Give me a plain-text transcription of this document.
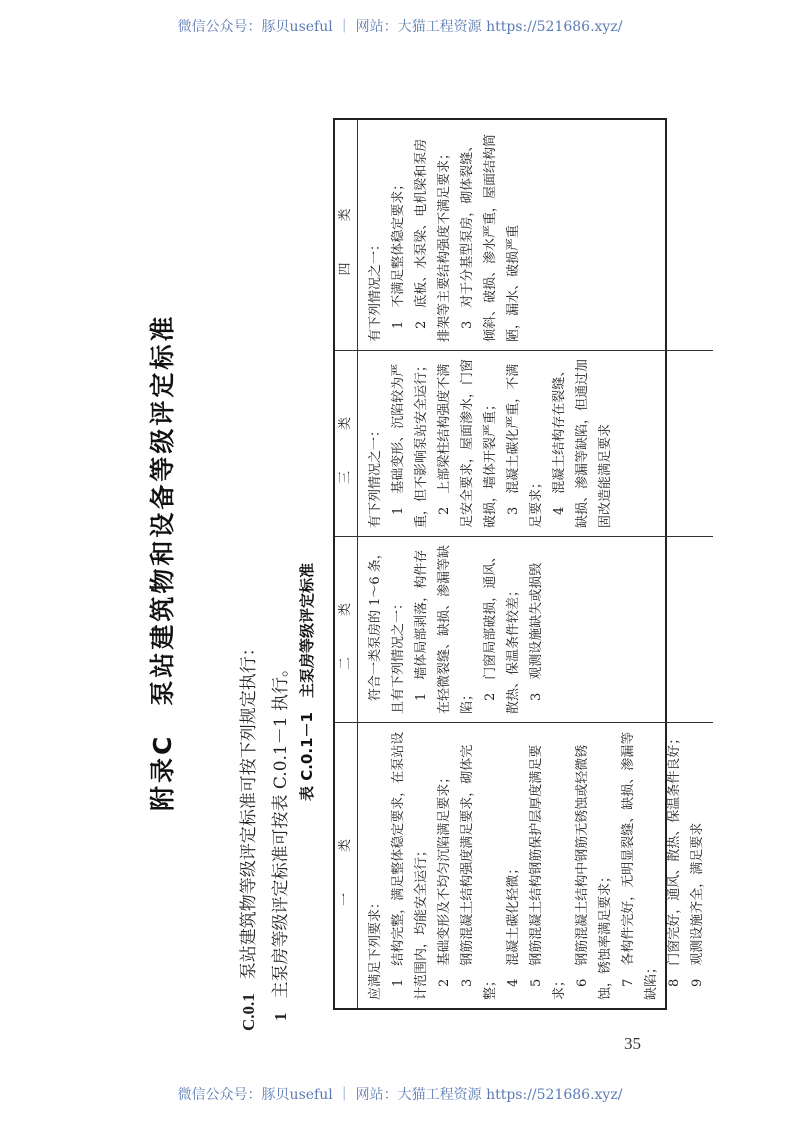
微信公众号：豚贝useful ｜ 网站：大猫工程资源 https://521686.xyz/
附录C　泵站建筑物和设备等级评定标准
C.0.1泵站建筑物等级评定标准可按下列规定执行：
1主泵房等级评定标准可按表 C.0.1－1 执行。 表 C.0.1－1主泵房等级评定标准
一　类
二　类
三　类
四　类

应满足下列要求： 1　结构完整，满足整体稳定要求，在泵站设计范围内，均能安全运行； 2　基础变形及不均匀沉陷满足要求； 3　钢筋混凝土结构强度满足要求，砌体完整； 4　混凝土碳化轻微； 5　钢筋混凝土结构钢筋保护层厚度满足要求； 6　钢筋混凝土结构中钢筋无锈蚀或轻微锈蚀，锈蚀率满足要求； 7　各构件完好，无明显裂缝、缺损、渗漏等缺陷； 8　门窗完好，通风、散热、保温条件良好； 9　观测设施齐全，满足要求

符合一类泵房的 1～6 条，且有下列情况之一： 1　墙体局部剥落，构件存在轻微裂缝、缺损、渗漏等缺陷； 2　门窗局部破损，通风、散热、保温条件较差； 3　观测设施缺失或损毁

有下列情况之一： 1　基础变形、沉陷较为严重，但不影响泵站安全运行； 2　上部梁柱结构强度不满足安全要求，屋面渗水，门窗破损，墙体开裂严重； 3　混凝土碳化严重，不满足要求； 4　混凝土结构存在裂缝、缺损、渗漏等缺陷，但通过加固改造能满足要求

有下列情况之一： 1　不满足整体稳定要求； 2　底板、水泵梁、电机梁和泵房排架等主要结构强度不满足要求； 3　对于分基型泵房，砌体裂缝、倾斜、破损、渗水严重，屋面结构简陋，漏水、破损严重

35
微信公众号：豚贝useful ｜ 网站：大猫工程资源 https://521686.xyz/
